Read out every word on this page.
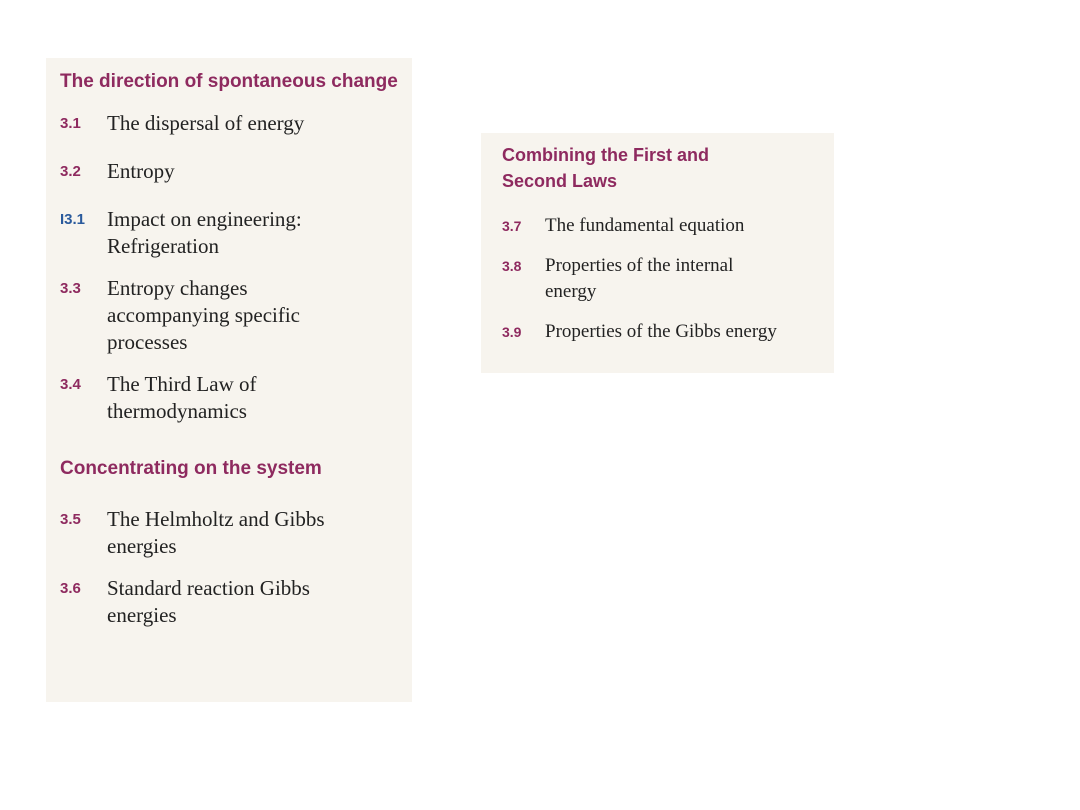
The direction of spontaneous change
3.1	The dispersal of energy
3.2	Entropy
I3.1	Impact on engineering: Refrigeration
3.3	Entropy changes accompanying specific processes
3.4	The Third Law of thermodynamics
Concentrating on the system
3.5	The Helmholtz and Gibbs energies
3.6	Standard reaction Gibbs energies
Combining the First and Second Laws
3.7	The fundamental equation
3.8	Properties of the internal energy
3.9	Properties of the Gibbs energy
